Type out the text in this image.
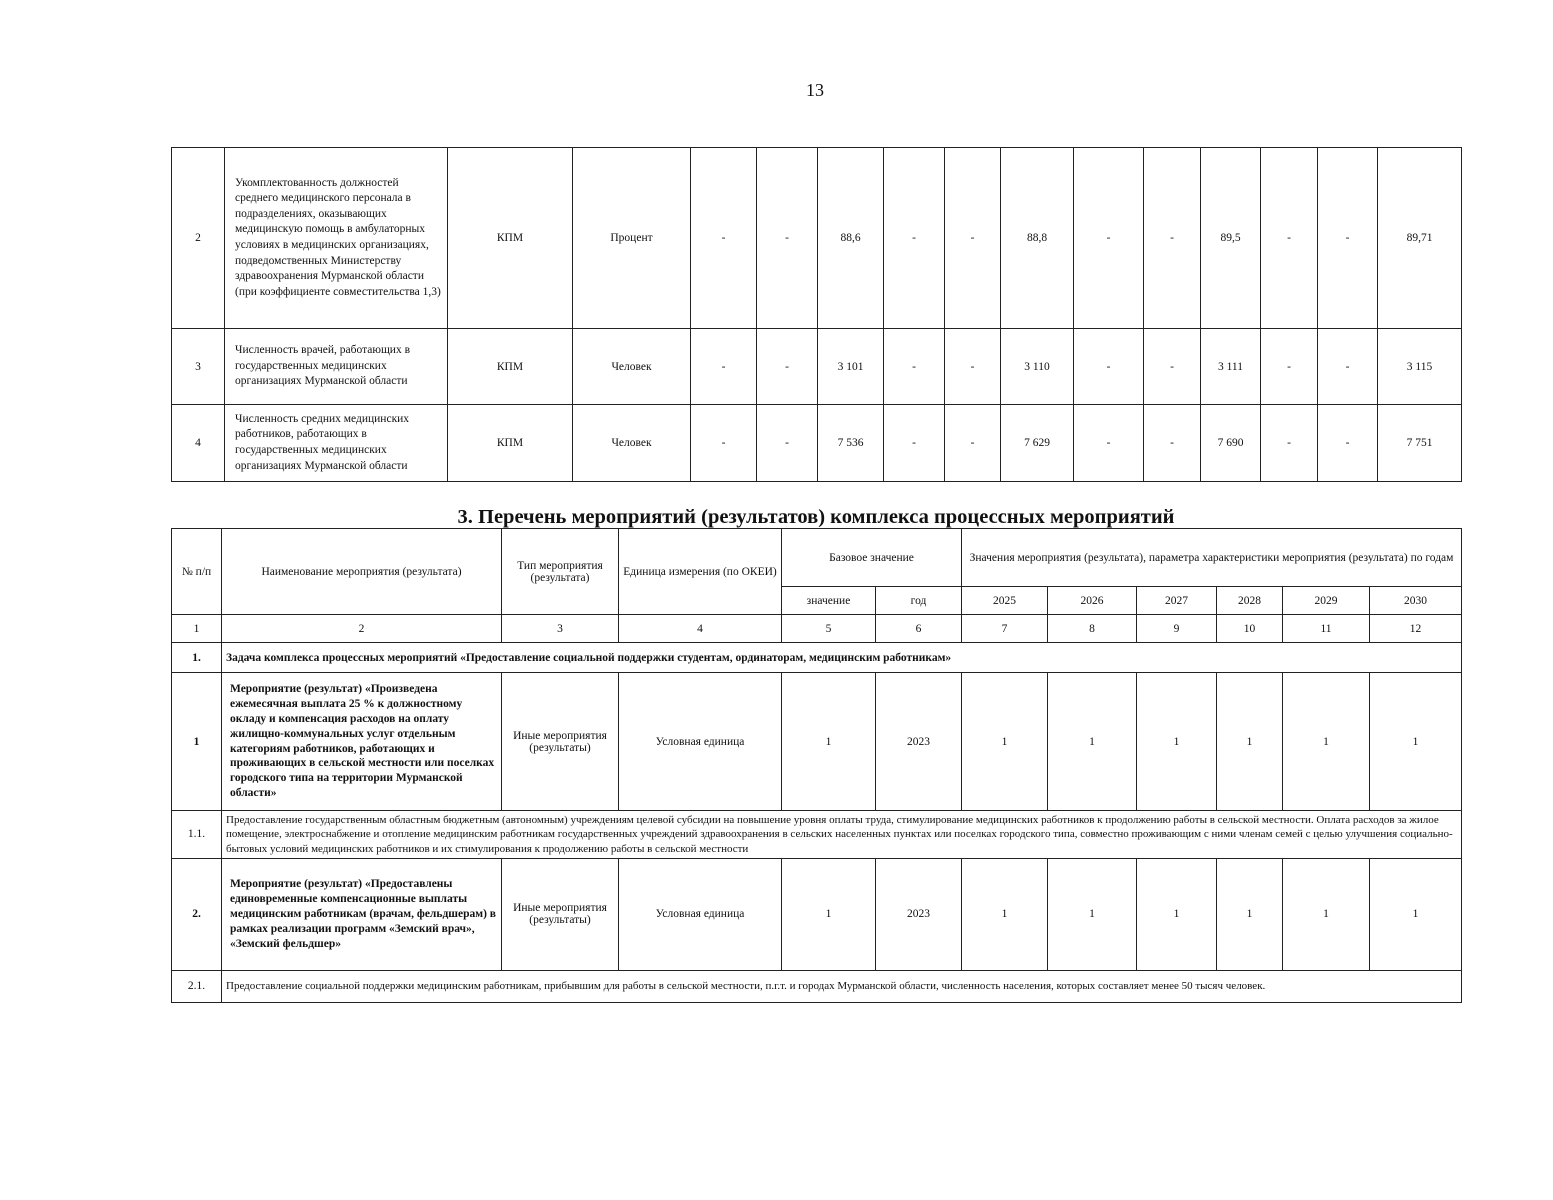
13
2	Укомплектованность должностей среднего медицинского персонала в подразделениях, оказывающих медицинскую помощь в амбулаторных условиях в медицинских организациях, подведомственных Министерству здравоохранения Мурманской области (при коэффициенте совместительства 1,3)	КПМ	Процент	-	-	88,6	-	-	88,8	-	-	89,5	-	-	89,71
3	Численность врачей, работающих в государственных медицинских организациях Мурманской области	КПМ	Человек	-	-	3 101	-	-	3 110	-	-	3 111	-	-	3 115
4	Численность средних медицинских работников, работающих в государственных медицинских организациях Мурманской области	КПМ	Человек	-	-	7 536	-	-	7 629	-	-	7 690	-	-	7 751
3. Перечень мероприятий (результатов) комплекса процессных мероприятий
№ п/п	Наименование мероприятия (результата)	Тип мероприятия (результата)	Единица измерения (по ОКЕИ)	Базовое значение		Значения мероприятия (результата), параметра характеристики мероприятия (результата) по годам					
				значение	год	2025	2026	2027	2028	2029	2030
1	2	3	4	5	6	7	8	9	10	11	12
1.	Задача комплекса процессных мероприятий «Предоставление социальной поддержки студентам, ординаторам, медицинским работникам»										
1	Мероприятие (результат) «Произведена ежемесячная выплата 25 % к должностному окладу и компенсация расходов на оплату жилищно-коммунальных услуг отдельным категориям работников, работающих и проживающих в сельской местности или поселках городского типа на территории Мурманской области»	Иные мероприятия (результаты)	Условная единица	1	2023	1	1	1	1	1	1
1.1.	Предоставление государственным областным бюджетным (автономным) учреждениям целевой субсидии на повышение уровня оплаты труда, стимулирование медицинских работников к продолжению работы в сельской местности. Оплата расходов за жилое помещение, электроснабжение и отопление медицинским работникам государственных учреждений здравоохранения в сельских населенных пунктах или поселках городского типа, совместно проживающим с ними членам семей с целью улучшения социально-бытовых условий медицинских работников и их стимулирования к продолжению работы в сельской местности										
2.	Мероприятие (результат) «Предоставлены единовременные компенсационные выплаты медицинским работникам (врачам, фельдшерам) в рамках реализации программ «Земский врач», «Земский фельдшер»	Иные мероприятия (результаты)	Условная единица	1	2023	1	1	1	1	1	1
2.1.	Предоставление социальной поддержки медицинским работникам, прибывшим для работы в сельской местности, п.г.т. и городах Мурманской области, численность населения, которых составляет менее 50 тысяч человек.										
